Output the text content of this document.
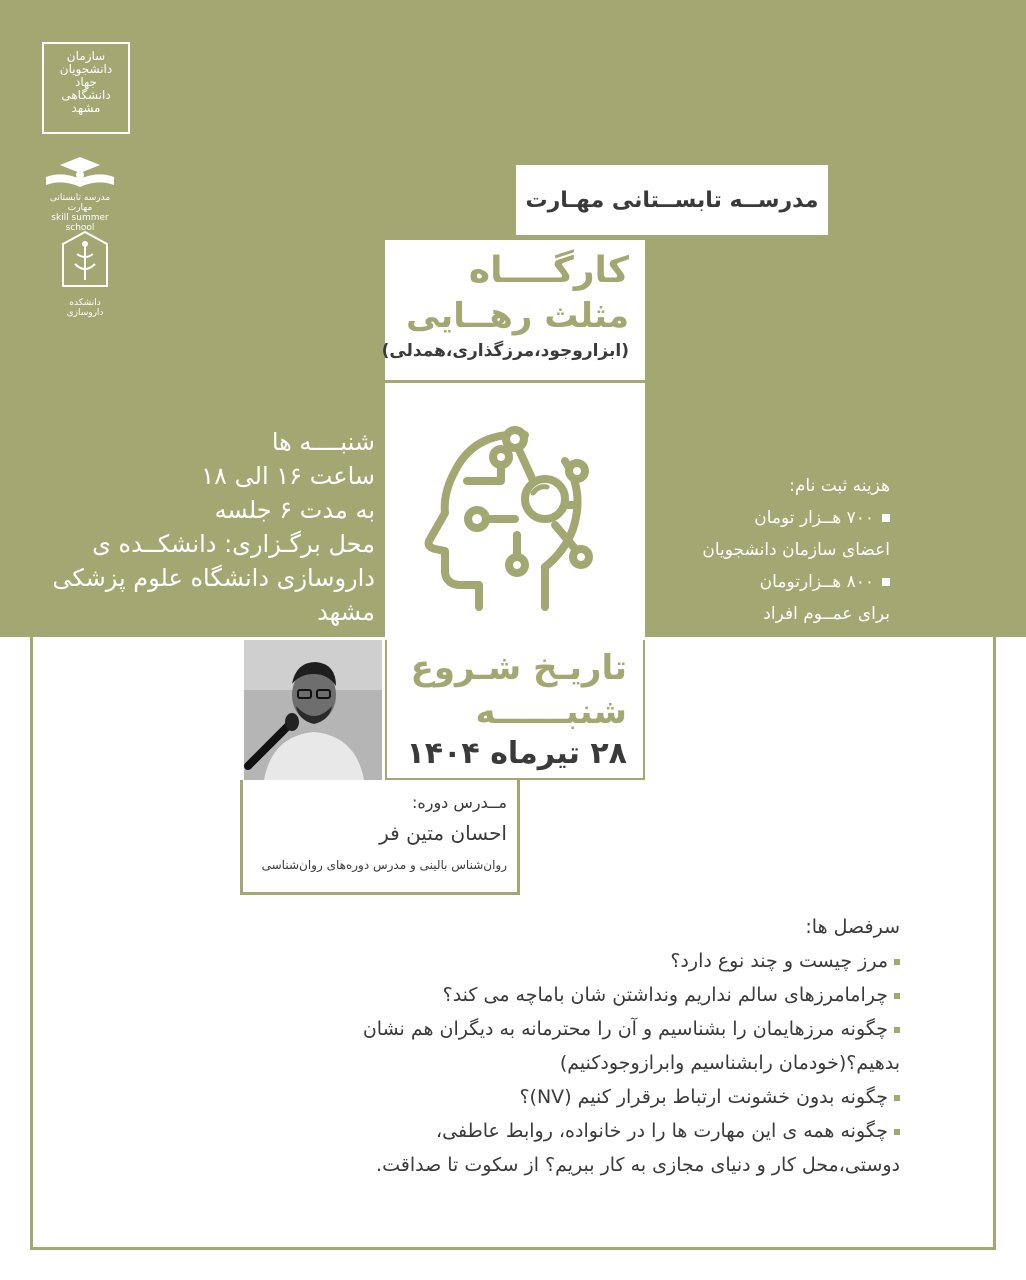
سازمان
دانشجویان
جهاد
دانشگاهی
مشهد
مدرسه تابستانی مهارت
skill summer school
دانشکده داروسازی
مدرســه تابســتانی مهـارت
کارگــــاه
مثلث رهــایی
(ابزاروجود،مرزگذاری،همدلی)
شنبــــه ها
ساعت ۱۶ الی ۱۸
به مدت ۶ جلسه
محل برگـزاری: دانشکــده ی
داروسازی دانشگاه علوم پزشکی
مشهد
هزینه ثبت نام:
۷۰۰ هــزار تومان
اعضای سازمان دانشجویان
۸۰۰ هــزارتومان
برای عمــوم افراد
تاریـخ شـروع
شنبــــــه
۲۸ تیرماه ۱۴۰۴
مــدرس دوره:
احسان متین فر
روان‌شناس بالینی و مدرس دوره‌های روان‌شناسی
سرفصل ها:
مرز چیست و چند نوع دارد؟
چرامامرزهای سالم نداریم ونداشتن شان باماچه می کند؟
چگونه مرزهایمان را بشناسیم و آن را محترمانه به دیگران هم نشان بدهیم؟(خودمان رابشناسیم وابرازوجودکنیم)
چگونه بدون خشونت ارتباط برقرار کنیم (NV)؟
چگونه همه ی این مهارت ها را در خانواده، روابط عاطفی، دوستی،محل کار و دنیای مجازی به کار ببریم؟ از سکوت تا صداقت.
